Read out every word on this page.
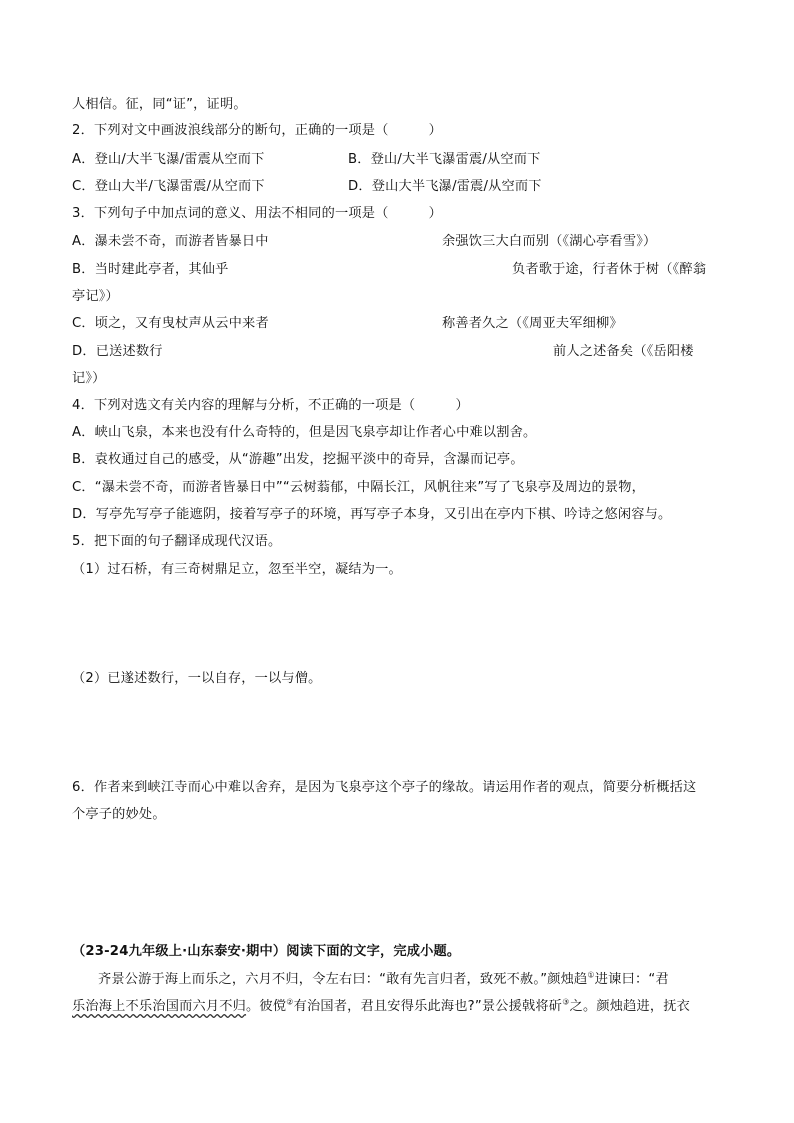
人相信。征，同“证”，证明。
2．下列对文中画波浪线部分的断句，正确的一项是（　　　）
A．登山/大半飞瀑/雷震从空而下	B．登山/大半飞瀑雷震/从空而下
C．登山大半/飞瀑雷震/从空而下	D．登山大半飞瀑/雷震/从空而下
3．下列句子中加点词的意义、用法不相同的一项是（　　　）
A．瀑未尝不奇，而游者皆暴日中	余强饮三大白而别（《湖心亭看雪》）
B．当时建此亭者，其仙乎	负者歌于途，行者休于树（《醉翁
亭记》）
C．顷之，又有曳杖声从云中来者	称善者久之（《周亚夫军细柳》
D．已送述数行	前人之述备矣（《岳阳楼
记》）
4．下列对选文有关内容的理解与分析，不正确的一项是（　　　）
A．峡山飞泉，本来也没有什么奇特的，但是因飞泉亭却让作者心中难以割舍。
B．袁枚通过自己的感受，从“游趣”出发，挖掘平淡中的奇异，含瀑而记亭。
C．“瀑未尝不奇，而游者皆暴日中”“云树蓊郁，中隔长江，风帆往来”写了飞泉亭及周边的景物，
D．写亭先写亭子能遮阴，接着写亭子的环境，再写亭子本身，又引出在亭内下棋、吟诗之悠闲容与。
5．把下面的句子翻译成现代汉语。
（1）过石桥，有三奇树鼎足立，忽至半空，凝结为一。
（2）已遂述数行，一以自存，一以与僧。
6．作者来到峡江寺而心中难以舍弃，是因为飞泉亭这个亭子的缘故。请运用作者的观点，简要分析概括这
个亭子的妙处。
（23-24九年级上·山东泰安·期中）阅读下面的文字，完成小题。
齐景公游于海上而乐之，六月不归，令左右曰：“敢有先言归者，致死不赦。”颜烛趋①进谏曰：“君
乐治海上不乐治国而六月不归。彼傥②有治国者，君且安得乐此海也?”景公援戟将斫③之。颜烛趋进，抚衣
